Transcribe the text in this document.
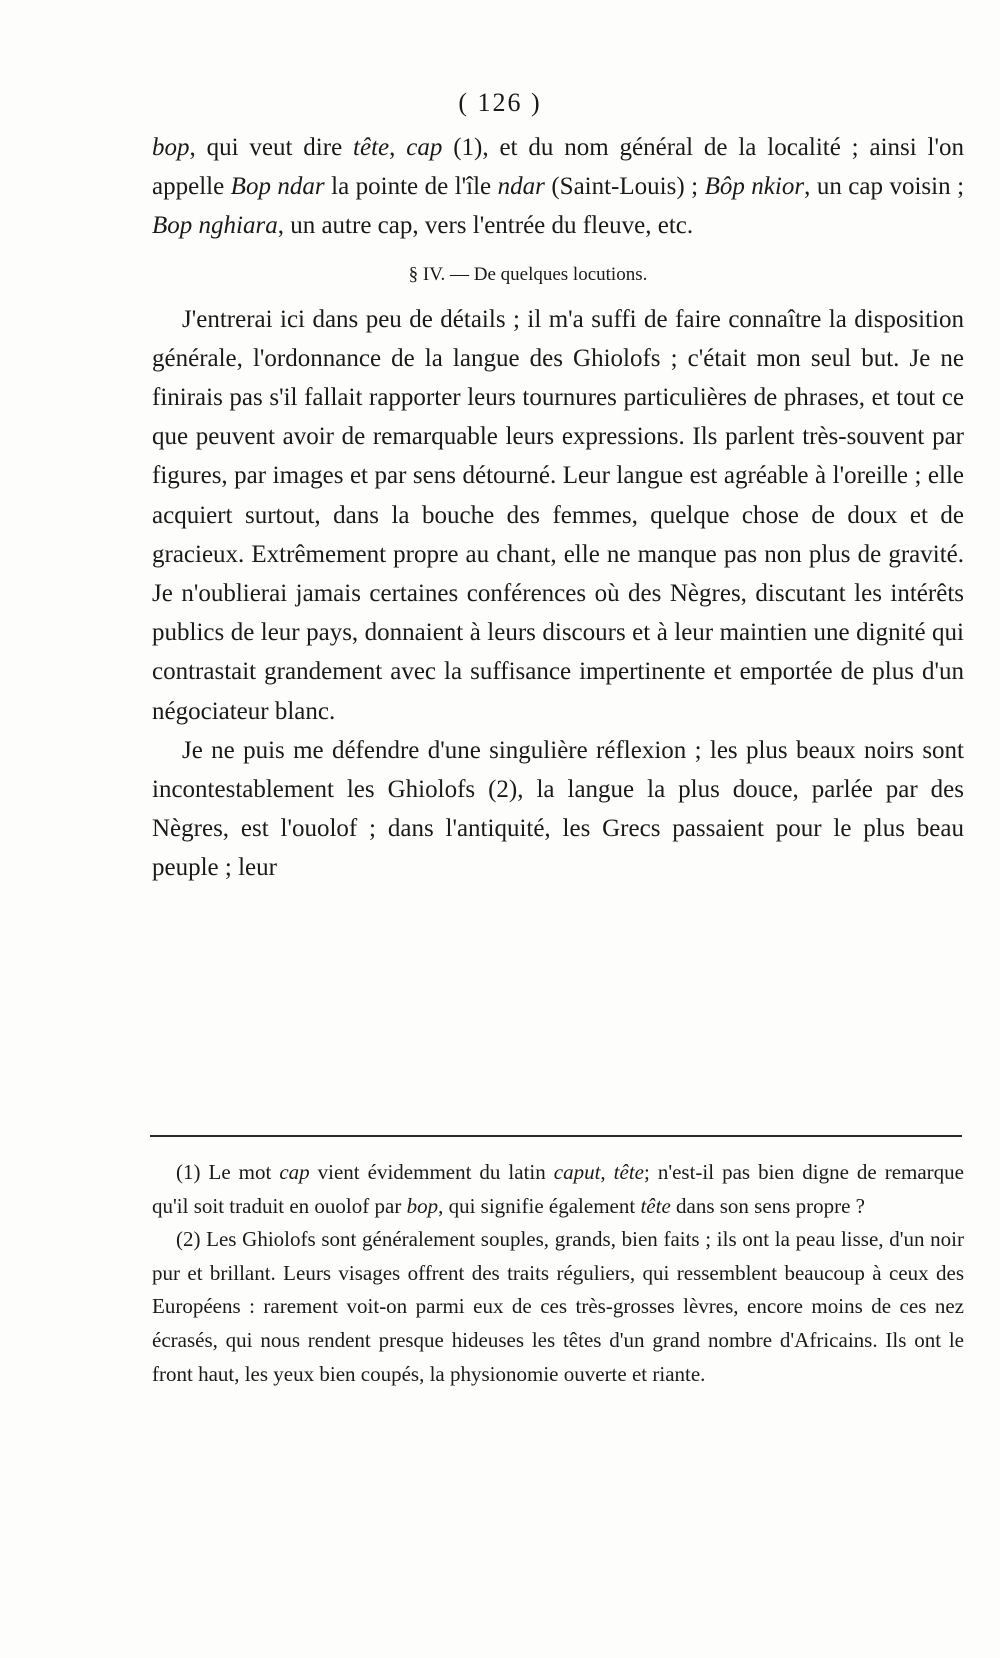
( 126 )

bop, qui veut dire tête, cap (1), et du nom général de la localité ; ainsi l'on appelle Bop ndar la pointe de l'île ndar (Saint-Louis) ; Bôp nkior, un cap voisin ; Bop nghiara, un autre cap, vers l'entrée du fleuve, etc.

§ IV. — De quelques locutions.

J'entrerai ici dans peu de détails ; il m'a suffi de faire connaître la disposition générale, l'ordonnance de la langue des Ghiolofs ; c'était mon seul but. Je ne finirais pas s'il fallait rapporter leurs tournures particulières de phrases, et tout ce que peuvent avoir de remarquable leurs expressions. Ils parlent très-souvent par figures, par images et par sens détourné. Leur langue est agréable à l'oreille ; elle acquiert surtout, dans la bouche des femmes, quelque chose de doux et de gracieux. Extrêmement propre au chant, elle ne manque pas non plus de gravité. Je n'oublierai jamais certaines conférences où des Nègres, discutant les intérêts publics de leur pays, donnaient à leurs discours et à leur maintien une dignité qui contrastait grandement avec la suffisance impertinente et emportée de plus d'un négociateur blanc.

Je ne puis me défendre d'une singulière réflexion ; les plus beaux noirs sont incontestablement les Ghiolofs (2), la langue la plus douce, parlée par des Nègres, est l'ouolof ; dans l'antiquité, les Grecs passaient pour le plus beau peuple ; leur

(1) Le mot cap vient évidemment du latin caput, tête; n'est-il pas bien digne de remarque qu'il soit traduit en ouolof par bop, qui signifie également tête dans son sens propre ?

(2) Les Ghiolofs sont généralement souples, grands, bien faits ; ils ont la peau lisse, d'un noir pur et brillant. Leurs visages offrent des traits réguliers, qui ressemblent beaucoup à ceux des Européens : rarement voit-on parmi eux de ces très-grosses lèvres, encore moins de ces nez écrasés, qui nous rendent presque hideuses les têtes d'un grand nombre d'Africains. Ils ont le front haut, les yeux bien coupés, la physionomie ouverte et riante.
